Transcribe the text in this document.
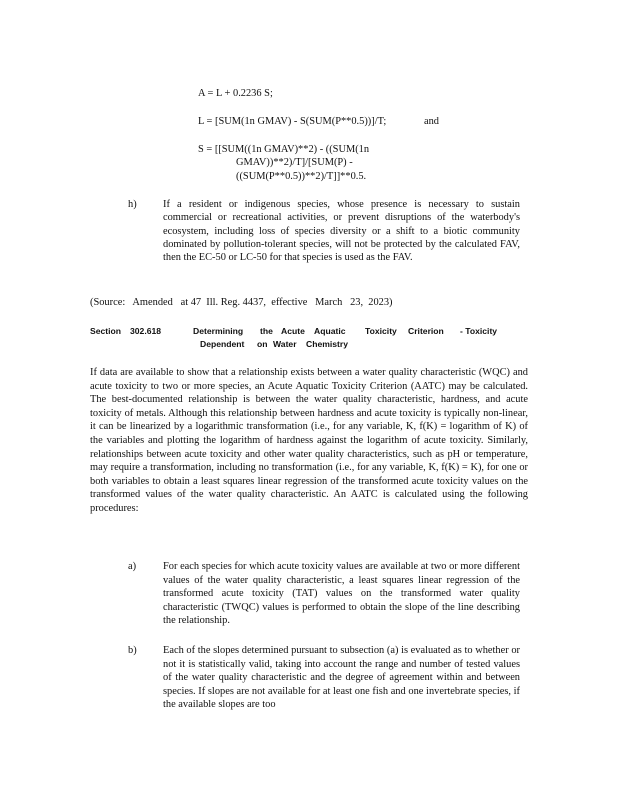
A = L + 0.2236 S;
L = [SUM(1n GMAV) - S(SUM(P**0.5))]/T;	and
S = [[SUM((1n GMAV)**2) - ((SUM(1n
GMAV))**2)/T]/[SUM(P) -
((SUM(P**0.5))**2)/T]]**0.5.
h)	If a resident or indigenous species, whose presence is necessary to sustain commercial or recreational activities, or prevent disruptions of the waterbody's ecosystem, including loss of species diversity or a shift to a biotic community dominated by pollution-tolerant species, will not be protected by the calculated FAV, then the EC-50 or LC-50 for that species is used as the FAV.
(Source:   Amended   at 47  Ill. Reg. 4437,  effective   March   23,  2023)
Section 302.618	Determining the Acute Aquatic Toxicity Criterion - Toxicity
Dependent on Water Chemistry
If data are available to show that a relationship exists between a water quality characteristic (WQC) and acute toxicity to two or more species, an Acute Aquatic Toxicity Criterion (AATC) may be calculated. The best-documented relationship is between the water quality characteristic, hardness, and acute toxicity of metals. Although this relationship between hardness and acute toxicity is typically non-linear, it can be linearized by a logarithmic transformation (i.e., for any variable, K, f(K) = logarithm of K) of the variables and plotting the logarithm of hardness against the logarithm of acute toxicity. Similarly, relationships between acute toxicity and other water quality characteristics, such as pH or temperature, may require a transformation, including no transformation (i.e., for any variable, K, f(K) = K), for one or both variables to obtain a least squares linear regression of the transformed acute toxicity values on the transformed values of the water quality characteristic. An AATC is calculated using the following procedures:
a)	For each species for which acute toxicity values are available at two or more different values of the water quality characteristic, a least squares linear regression of the transformed acute toxicity (TAT) values on the transformed water quality characteristic (TWQC) values is performed to obtain the slope of the line describing the relationship.
b)	Each of the slopes determined pursuant to subsection (a) is evaluated as to whether or not it is statistically valid, taking into account the range and number of tested values of the water quality characteristic and the degree of agreement within and between species. If slopes are not available for at least one fish and one invertebrate species, if the available slopes are too
